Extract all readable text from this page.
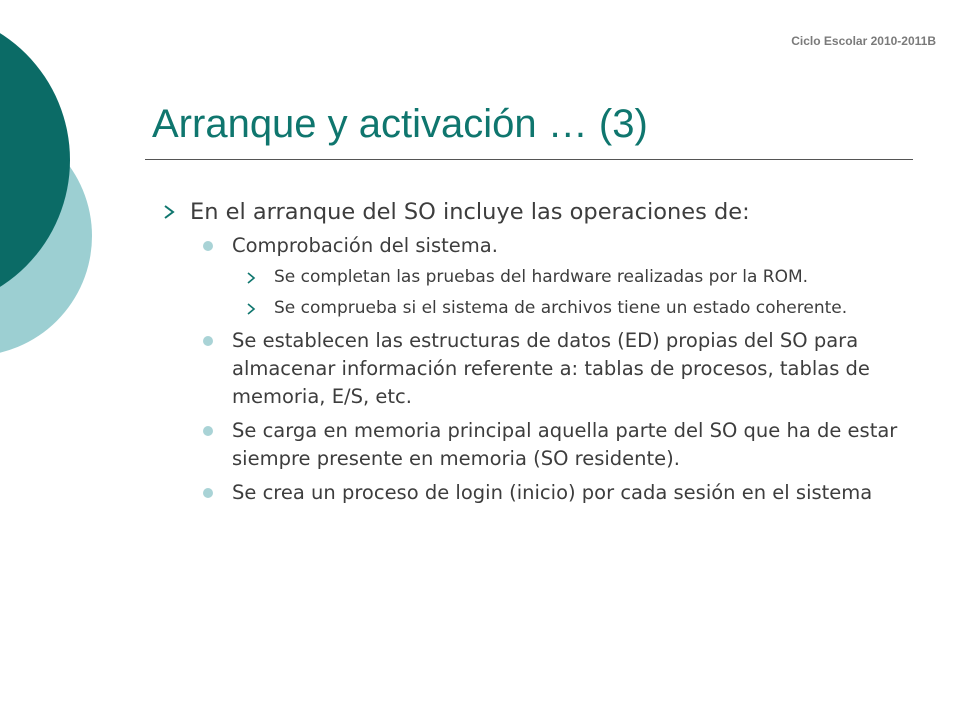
Ciclo Escolar 2010-2011B
Arranque y activación … (3)
En el arranque del SO incluye las operaciones de:
Comprobación del sistema.
Se completan las pruebas del hardware realizadas por la ROM.
Se comprueba si el sistema de archivos tiene un estado coherente.
Se establecen las estructuras de datos (ED) propias del SO para almacenar información referente a: tablas de procesos, tablas de memoria, E/S, etc.
Se carga en memoria principal aquella parte del SO que ha de estar siempre presente en memoria (SO residente).
Se crea un proceso de login (inicio) por cada sesión en el sistema
